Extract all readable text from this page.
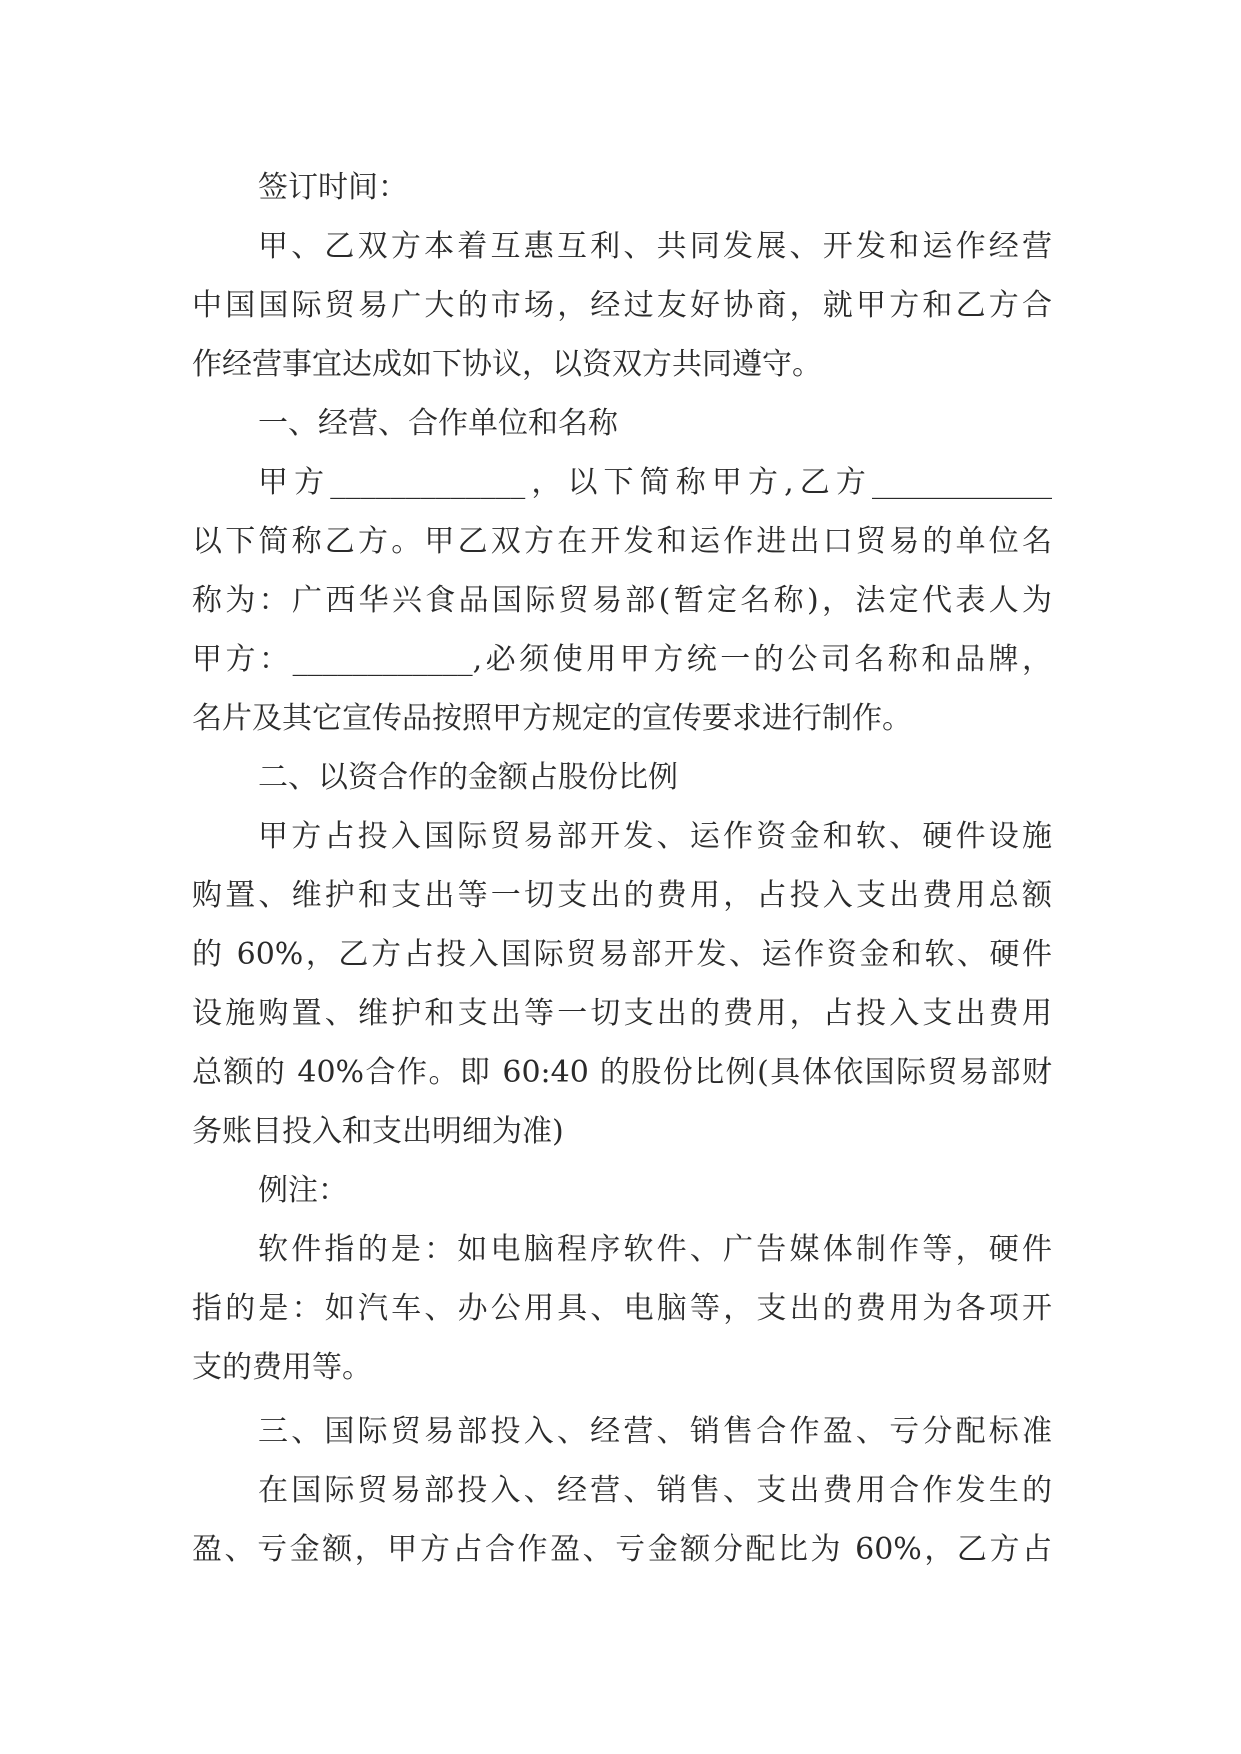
签订时间：
甲、乙双方本着互惠互利、共同发展、开发和运作经营
中国国际贸易广大的市场，经过友好协商，就甲方和乙方合
作经营事宜达成如下协议，以资双方共同遵守。
一、经营、合作单位和名称
甲方_____________，以下简称甲方,乙方____________
以下简称乙方。甲乙双方在开发和运作进出口贸易的单位名
称为：广西华兴食品国际贸易部(暂定名称)，法定代表人为
甲方：____________,必须使用甲方统一的公司名称和品牌，
名片及其它宣传品按照甲方规定的宣传要求进行制作。
二、以资合作的金额占股份比例
甲方占投入国际贸易部开发、运作资金和软、硬件设施
购置、维护和支出等一切支出的费用，占投入支出费用总额
的 60%，乙方占投入国际贸易部开发、运作资金和软、硬件
设施购置、维护和支出等一切支出的费用，占投入支出费用
总额的 40%合作。即 60:40 的股份比例(具体依国际贸易部财
务账目投入和支出明细为准)
例注：
软件指的是：如电脑程序软件、广告媒体制作等，硬件
指的是：如汽车、办公用具、电脑等，支出的费用为各项开
支的费用等。
三、国际贸易部投入、经营、销售合作盈、亏分配标准
在国际贸易部投入、经营、销售、支出费用合作发生的
盈、亏金额，甲方占合作盈、亏金额分配比为 60%，乙方占
